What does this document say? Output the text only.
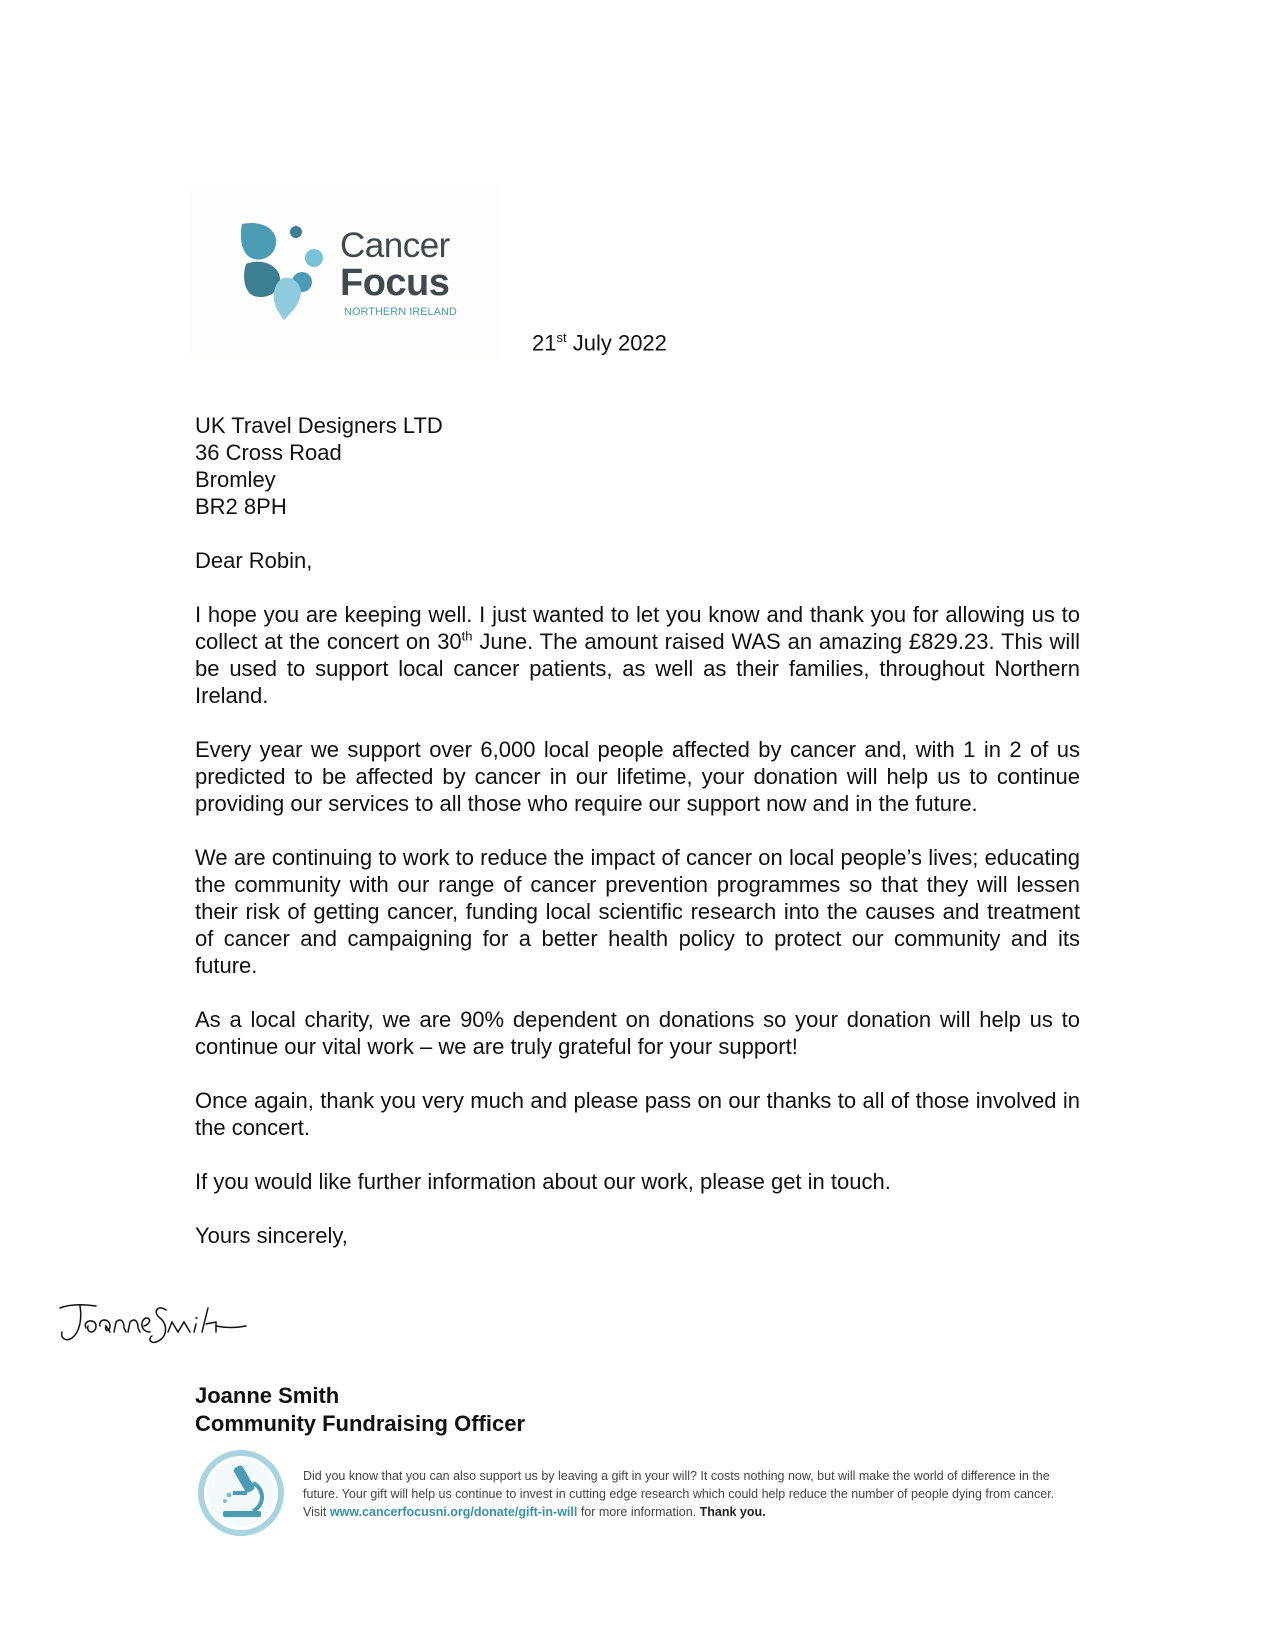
Cancer
Focus
NORTHERN IRELAND
21st July 2022

UK Travel Designers LTD
36 Cross Road
Bromley
BR2 8PH

Dear Robin,

I hope you are keeping well. I just wanted to let you know and thank you for allowing us to collect at the concert on 30th June. The amount raised WAS an amazing £829.23. This will be used to support local cancer patients, as well as their families, throughout Northern Ireland.

Every year we support over 6,000 local people affected by cancer and, with 1 in 2 of us predicted to be affected by cancer in our lifetime, your donation will help us to continue providing our services to all those who require our support now and in the future.

We are continuing to work to reduce the impact of cancer on local people’s lives; educating the community with our range of cancer prevention programmes so that they will lessen their risk of getting cancer, funding local scientific research into the causes and treatment of cancer and campaigning for a better health policy to protect our community and its future.

As a local charity, we are 90% dependent on donations so your donation will help us to continue our vital work – we are truly grateful for your support!

Once again, thank you very much and please pass on our thanks to all of those involved in the concert.

If you would like further information about our work, please get in touch.

Yours sincerely,

Joanne Smith
Community Fundraising Officer
Did you know that you can also support us by leaving a gift in your will? It costs nothing now, but will make the world of difference in the future. Your gift will help us continue to invest in cutting edge research which could help reduce the number of people dying from cancer. Visit www.cancerfocusni.org/donate/gift-in-will for more information. Thank you.
